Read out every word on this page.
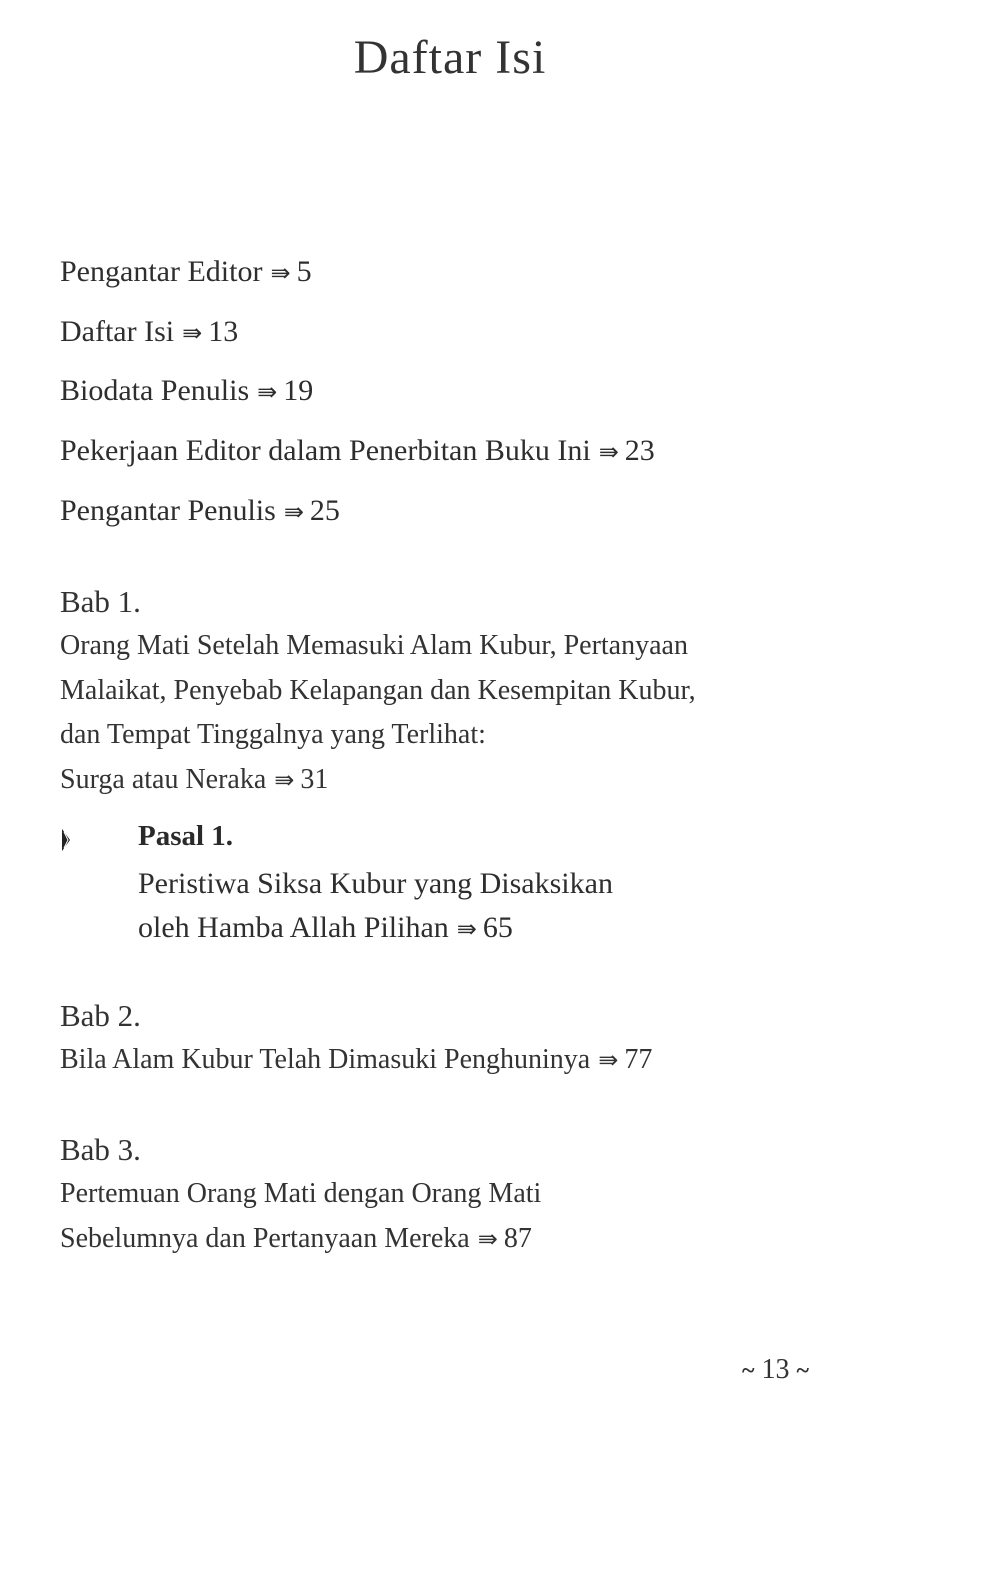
Daftar Isi
Pengantar Editor ⇛ 5
Daftar Isi ⇛ 13
Biodata Penulis ⇛ 19
Pekerjaan Editor dalam Penerbitan Buku Ini ⇛ 23
Pengantar Penulis ⇛ 25
Bab 1.
Orang Mati Setelah Memasuki Alam Kubur, Pertanyaan
Malaikat, Penyebab Kelapangan dan Kesempitan Kubur,
dan Tempat Tinggalnya yang Terlihat:
Surga atau Neraka ⇛ 31
Pasal 1.
Peristiwa Siksa Kubur yang Disaksikan
oleh Hamba Allah Pilihan ⇛ 65
Bab 2.
Bila Alam Kubur Telah Dimasuki Penghuninya ⇛ 77
Bab 3.
Pertemuan Orang Mati dengan Orang Mati
Sebelumnya dan Pertanyaan Mereka ⇛ 87
~ 13 ~
